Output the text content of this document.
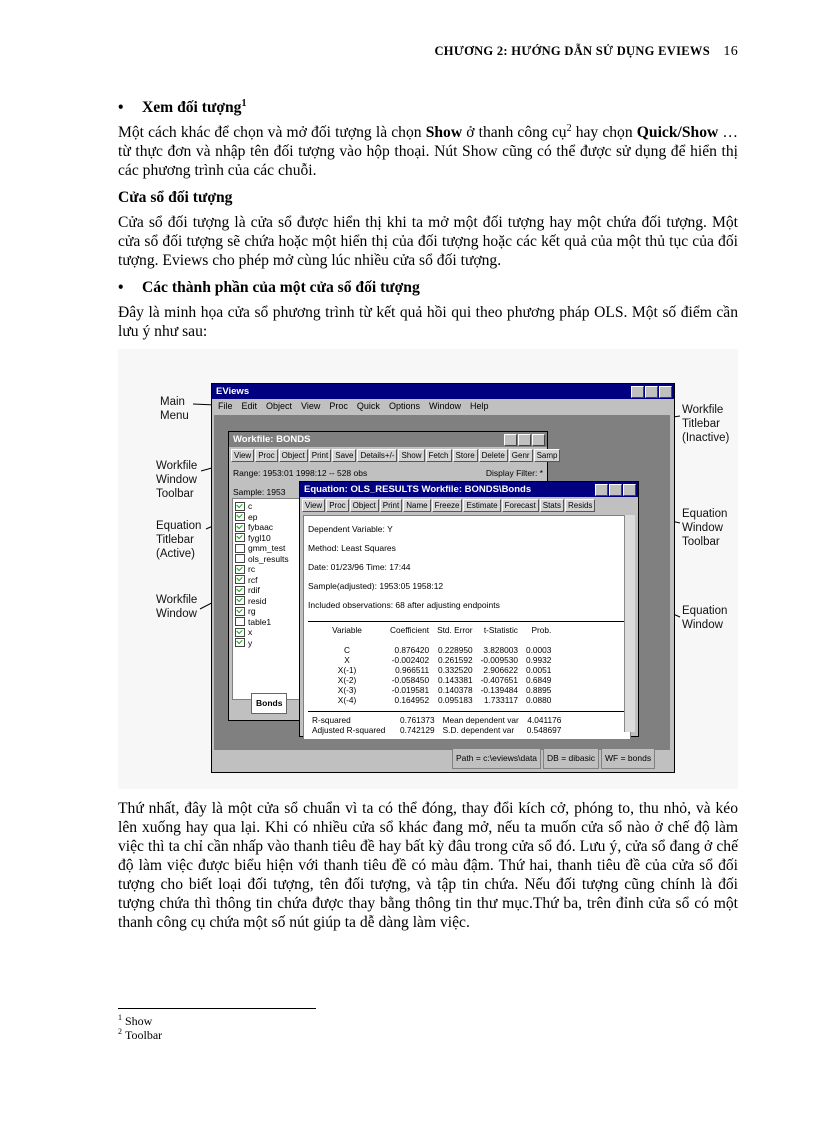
CHƯƠNG 2: HƯỚNG DẪN SỬ DỤNG EVIEWS 16
• Xem đối tượng$^1$

Một cách khác để chọn và mở đối tượng là chọn Show ở thanh công cụ$^2$ hay chọn Quick/Show … từ thực đơn và nhập tên đối tượng vào hộp thoại. Nút Show cũng có thể được sử dụng để hiển thị các phương trình của các chuỗi.

Cửa sổ đối tượng

Cửa sổ đối tượng là cửa sổ được hiển thị khi ta mở một đối tượng hay một chứa đối tượng. Một cửa sổ đối tượng sẽ chứa hoặc một hiển thị của đối tượng hoặc các kết quả của một thủ tục của đối tượng. Eviews cho phép mở cùng lúc nhiều cửa sổ đối tượng.

• Các thành phần của một cửa sổ đối tượng

Đây là minh họa cửa sổ phương trình từ kết quả hồi qui theo phương pháp OLS. Một số điểm cần lưu ý như sau:

Main
Menu
Workfile
Window
Toolbar
Equation
Titlebar
(Active)
Workfile
Window
Workfile
Titlebar
(Inactive)
Equation
Window
Toolbar
Equation
Window
EViews
File Edit Object View Proc Quick Options Window Help
Path = c:\eviews\data	DB = dibasic	WF = bonds
Workfile: BONDS
View Proc Object Print Save Details+/- Show Fetch Store Delete Genr Samp
Range: 1953:01 1998:12 -- 528 obs	Display Filter: *
Sample: 1953
c
ep
fybaac
fygl10
gmm_test
ols_results
rc
rcf
rdif
resid
rg
table1
x
y
Bonds
Equation: OLS_RESULTS Workfile: BONDS\Bonds
View Proc Object Print Name Freeze Estimate Forecast Stats Resids
Dependent Variable: Y
Method: Least Squares
Date: 01/23/96 Time: 17:44
Sample(adjusted): 1953:05 1958:12
Included observations: 68 after adjusting endpoints
Variable	Coefficient	Std. Error	t-Statistic	Prob.

C	0.876420	0.228950	3.828003	0.0003
X	-0.002402	0.261592	-0.009530	0.9932
X(-1)	0.966511	0.332520	2.906622	0.0051
X(-2)	-0.058450	0.143381	-0.407651	0.6849
X(-3)	-0.019581	0.140378	-0.139484	0.8895
X(-4)	0.164952	0.095183	1.733117	0.0880
R-squared	0.761373	Mean dependent var	4.041176
Adjusted R-squared	0.742129	S.D. dependent var	0.548697

Thứ nhất, đây là một cửa sổ chuẩn vì ta có thể đóng, thay đổi kích cở, phóng to, thu nhỏ, và kéo lên xuống hay qua lại. Khi có nhiều cửa sổ khác đang mở, nếu ta muốn cửa sổ nào ở chế độ làm việc thì ta chỉ cần nhấp vào thanh tiêu đề hay bất kỳ đâu trong cửa sổ đó. Lưu ý, cửa sổ đang ở chế độ làm việc được biểu hiện với thanh tiêu đề có màu đậm. Thứ hai, thanh tiêu đề của cửa sổ đối tượng cho biết loại đối tượng, tên đối tượng, và tập tin chứa. Nếu đối tượng cũng chính là đối tượng chứa thì thông tin chứa được thay bằng thông tin thư mục.Thứ ba, trên đỉnh cửa sổ có một thanh công cụ chứa một số nút giúp ta dễ dàng làm việc.

$^1$ Show
$^2$ Toolbar
